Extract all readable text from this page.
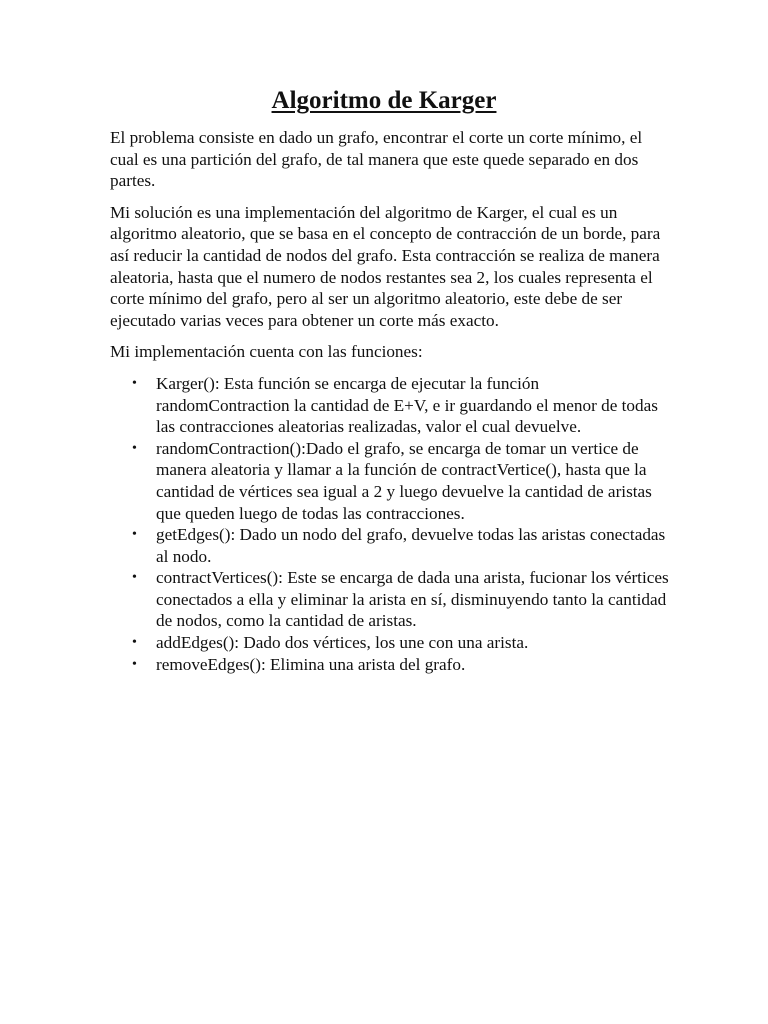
Algoritmo de Karger

El problema consiste en dado un grafo, encontrar el corte un corte mínimo, el cual es una partición del grafo, de tal manera que este quede separado en dos partes.

Mi solución es una implementación del algoritmo de Karger, el cual es un algoritmo aleatorio, que se basa en el concepto de contracción de un borde, para así reducir la cantidad de nodos del grafo. Esta contracción se realiza de manera aleatoria, hasta que el numero de nodos restantes sea 2, los cuales representa el corte mínimo del grafo, pero al ser un algoritmo aleatorio, este debe de ser ejecutado varias veces para obtener un corte más exacto.

Mi implementación cuenta con las funciones:

• Karger(): Esta función se encarga de ejecutar la función randomContraction la cantidad de E+V, e ir guardando el menor de todas las contracciones aleatorias realizadas, valor el cual devuelve.
• randomContraction():Dado el grafo, se encarga de tomar un vertice de manera aleatoria y llamar a la función de contractVertice(), hasta que la cantidad de vértices sea igual a 2 y luego devuelve la cantidad de aristas que queden luego de todas las contracciones.
• getEdges(): Dado un nodo del grafo, devuelve todas las aristas conectadas al nodo.
• contractVertices(): Este se encarga de dada una arista, fucionar los vértices conectados a ella y eliminar la arista en sí, disminuyendo tanto la cantidad de nodos, como la cantidad de aristas.
• addEdges(): Dado dos vértices, los une con una arista.
• removeEdges(): Elimina una arista del grafo.
